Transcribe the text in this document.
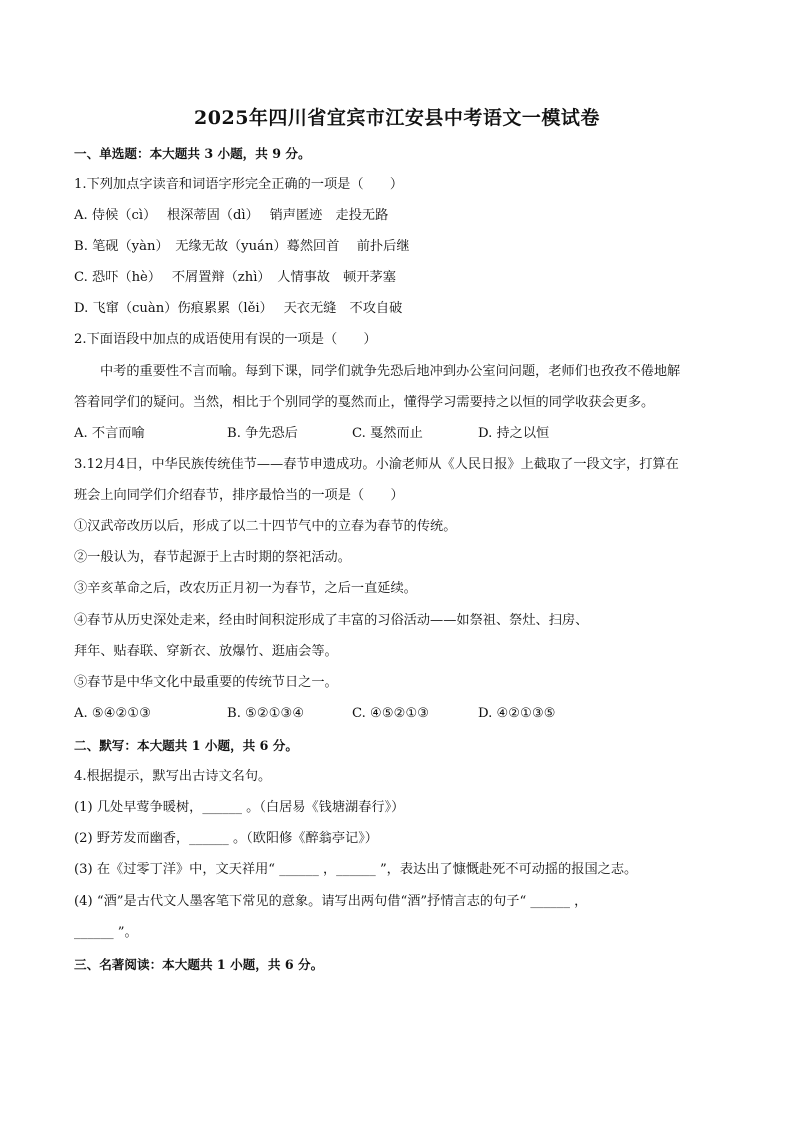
2025年四川省宜宾市江安县中考语文一模试卷
一、单选题：本大题共 3 小题，共 9 分。
1.下列加点字读音和词语字形完全正确的一项是（　　）
A. 侍候（cì）　 根深蒂固（dì）　 销声匿迹　走投无路
B. 笔砚（yàn）　无缘无故（yuán）蓦然回首　 前扑后继
C. 恐吓（hè）　 不屑置辩（zhì）　人情事故　顿开茅塞
D. 飞窜（cuàn）伤痕累累（lěi）　 天衣无缝　不攻自破
2.下面语段中加点的成语使用有误的一项是（　　）
中考的重要性不言而喻。每到下课，同学们就争先恐后地冲到办公室问问题，老师们也孜孜不倦地解
答着同学们的疑问。当然，相比于个别同学的戛然而止，懂得学习需要持之以恒的同学收获会更多。
A. 不言而喻	B. 争先恐后	C. 戛然而止	D. 持之以恒
3.12月4日，中华民族传统佳节——春节申遗成功。小渝老师从《人民日报》上截取了一段文字，打算在
班会上向同学们介绍春节，排序最恰当的一项是（　　）
①汉武帝改历以后，形成了以二十四节气中的立春为春节的传统。
②一般认为，春节起源于上古时期的祭祀活动。
③辛亥革命之后，改农历正月初一为春节，之后一直延续。
④春节从历史深处走来，经由时间积淀形成了丰富的习俗活动——如祭祖、祭灶、扫房、
拜年、贴春联、穿新衣、放爆竹、逛庙会等。
⑤春节是中华文化中最重要的传统节日之一。
A. ⑤④②①③	B. ⑤②①③④	C. ④⑤②①③	D. ④②①③⑤
二、默写：本大题共 1 小题，共 6 分。
4.根据提示，默写出古诗文名句。
(1) 几处早莺争暖树，______ 。（白居易《钱塘湖春行》）
(2) 野芳发而幽香，______ 。（欧阳修《醉翁亭记》）
(3) 在《过零丁洋》中，文天祥用“ ______ ，______ ”，表达出了慷慨赴死不可动摇的报国之志。
(4) “酒”是古代文人墨客笔下常见的意象。请写出两句借“酒”抒情言志的句子“ ______ ，
______ ”。
三、名著阅读：本大题共 1 小题，共 6 分。
